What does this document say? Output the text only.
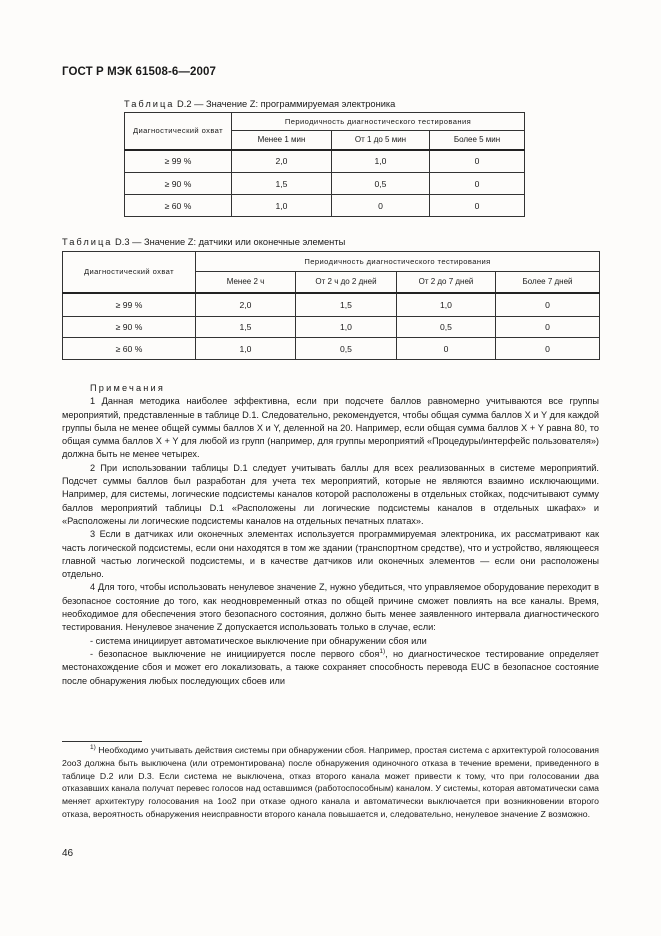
ГОСТ Р МЭК 61508-6—2007
Таблица D.2 — Значение Z: программируемая электроника
Диагностический охват	Периодичность диагностического тестирования		
	Менее 1 мин	От 1 до 5 мин	Более 5 мин
≥ 99 %	2,0	1,0	0
≥ 90 %	1,5	0,5	0
≥ 60 %	1,0	0	0
Таблица D.3 — Значение Z: датчики или оконечные элементы
Диагностический охват	Периодичность диагностического тестирования			
	Менее 2 ч	От 2 ч до 2 дней	От 2 до 7 дней	Более 7 дней
≥ 99 %	2,0	1,5	1,0	0
≥ 90 %	1,5	1,0	0,5	0
≥ 60 %	1,0	0,5	0	0

Примечания

1 Данная методика наиболее эффективна, если при подсчете баллов равномерно учитываются все группы мероприятий, представленные в таблице D.1. Следовательно, рекомендуется, чтобы общая сумма баллов X и Y для каждой группы была не менее общей суммы баллов X и Y, деленной на 20. Например, если общая сумма баллов X + Y равна 80, то общая сумма баллов X + Y для любой из групп (например, для группы мероприятий «Процедуры/интерфейс пользователя») должна быть не менее четырех.

2 При использовании таблицы D.1 следует учитывать баллы для всех реализованных в системе мероприятий. Подсчет суммы баллов был разработан для учета тех мероприятий, которые не являются взаимно исключающими. Например, для системы, логические подсистемы каналов которой расположены в отдельных стойках, подсчитывают сумму баллов мероприятий таблицы D.1 «Расположены ли логические подсистемы каналов в отдельных шкафах» и «Расположены ли логические подсистемы каналов на отдельных печатных платах».

3 Если в датчиках или оконечных элементах используется программируемая электроника, их рассматривают как часть логической подсистемы, если они находятся в том же здании (транспортном средстве), что и устройство, являющееся главной частью логической подсистемы, и в качестве датчиков или оконечных элементов — если они расположены отдельно.

4 Для того, чтобы использовать ненулевое значение Z, нужно убедиться, что управляемое оборудование переходит в безопасное состояние до того, как неодновременный отказ по общей причине сможет повлиять на все каналы. Время, необходимое для обеспечения этого безопасного состояния, должно быть менее заявленного интервала диагностического тестирования. Ненулевое значение Z допускается использовать только в случае, если:

- система инициирует автоматическое выключение при обнаружении сбоя или

- безопасное выключение не инициируется после первого сбоя$^{1)}$, но диагностическое тестирование определяет местонахождение сбоя и может его локализовать, а также сохраняет способность перевода EUC в безопасное состояние после обнаружения любых последующих сбоев или

$^{1)}$ Необходимо учитывать действия системы при обнаружении сбоя. Например, простая система с архитектурой голосования 2оо3 должна быть выключена (или отремонтирована) после обнаружения одиночного отказа в течение времени, приведенного в таблице D.2 или D.3. Если система не выключена, отказ второго канала может привести к тому, что при голосовании два отказавших канала получат перевес голосов над оставшимся (работоспособным) каналом. У системы, которая автоматически сама меняет архитектуру голосования на 1оо2 при отказе одного канала и автоматически выключается при возникновении второго отказа, вероятность обнаружения неисправности второго канала повышается и, следовательно, ненулевое значение Z возможно.

46
